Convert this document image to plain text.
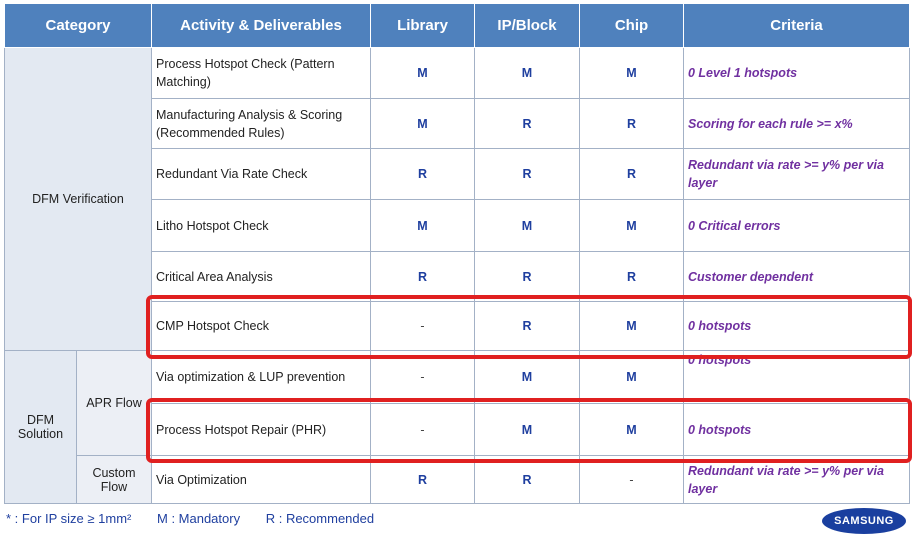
Category		Activity & Deliverables	Library	IP/Block	Chip	Criteria
DFM Verification		Process Hotspot Check (Pattern Matching)	M	M	M	0 Level 1 hotspots
		Manufacturing Analysis & Scoring (Recommended Rules)	M	R	R	Scoring for each rule >= x%
		Redundant Via Rate Check	R	R	R	Redundant via rate >= y% per via layer
		Litho Hotspot Check	M	M	M	0 Critical errors
		Critical Area Analysis	R	R	R	Customer dependent
		CMP Hotspot Check	-	R	M	0 hotspots
DFM Solution	APR Flow	Via optimization & LUP prevention	-	M	M	0 hotspots
		Process Hotspot Repair (PHR)	-	M	M	0 hotspots
	Custom Flow	Via Optimization	R	R	-	Redundant via rate >= y% per via layer
* : For IP size ≥ 1mm² M : Mandatory R : Recommended	SAMSUNG
